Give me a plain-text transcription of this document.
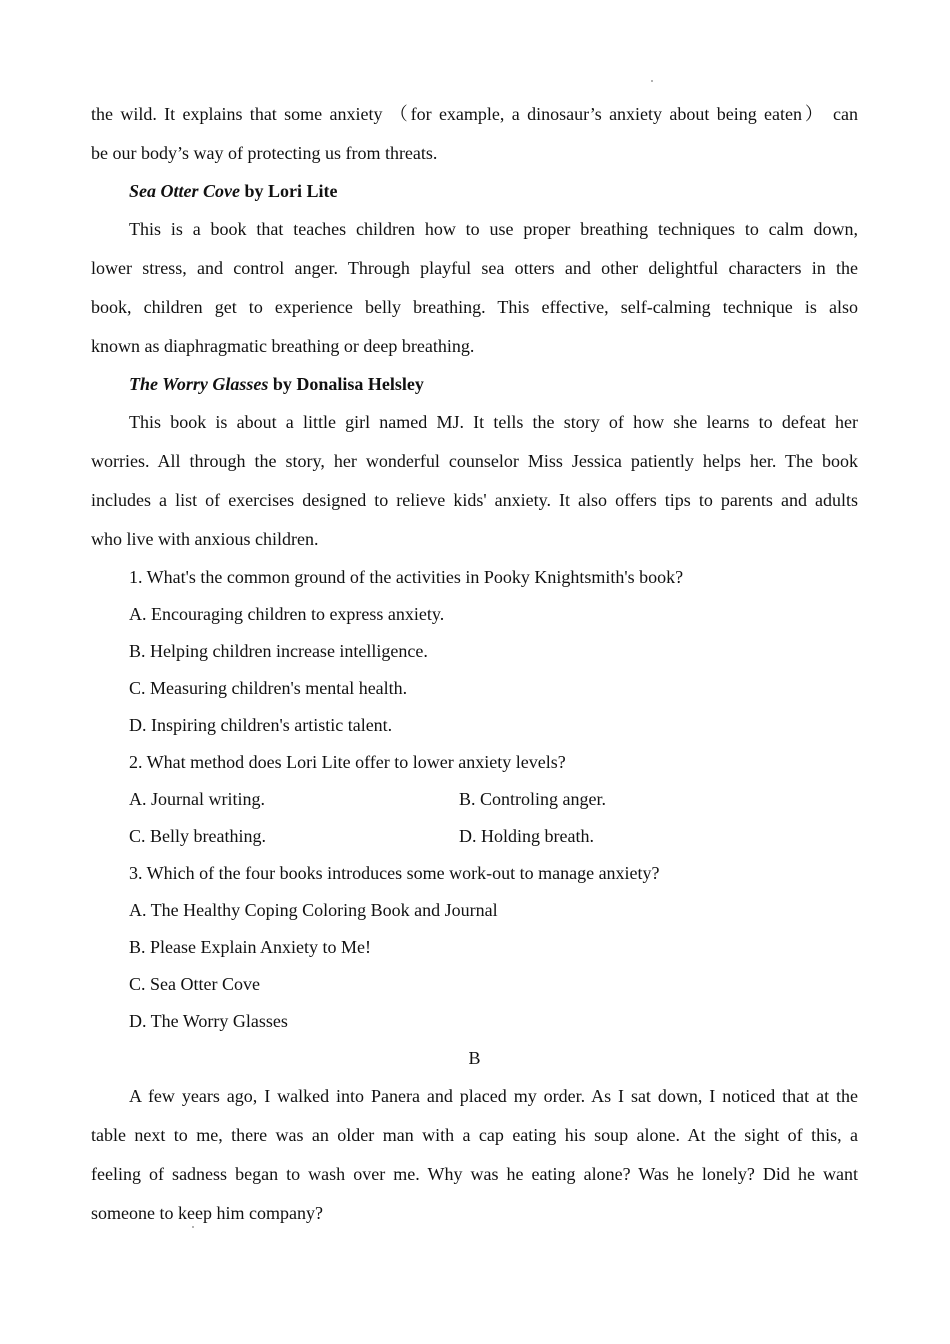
the wild. It explains that some anxiety （for example, a dinosaur’s anxiety about being eaten） can
be our body’s way of protecting us from threats.
Sea Otter Cove by Lori Lite
This is a book that teaches children how to use proper breathing techniques to calm down,
lower stress, and control anger. Through playful sea otters and other delightful characters in the
book, children get to experience belly breathing. This effective, self-calming technique is also
known as diaphragmatic breathing or deep breathing.
The Worry Glasses by Donalisa Helsley
This book is about a little girl named MJ. It tells the story of how she learns to defeat her
worries. All through the story, her wonderful counselor Miss Jessica patiently helps her. The book
includes a list of exercises designed to relieve kids' anxiety. It also offers tips to parents and adults
who live with anxious children.
1. What's the common ground of the activities in Pooky Knightsmith's book?
A. Encouraging children to express anxiety.
B. Helping children increase intelligence.
C. Measuring children's mental health.
D. Inspiring children's artistic talent.
2. What method does Lori Lite offer to lower anxiety levels?
A. Journal writing.	B. Controling anger.
C. Belly breathing.	D. Holding breath.
3. Which of the four books introduces some work-out to manage anxiety?
A. The Healthy Coping Coloring Book and Journal
B. Please Explain Anxiety to Me!
C. Sea Otter Cove
D. The Worry Glasses
B
A few years ago, I walked into Panera and placed my order. As I sat down, I noticed that at the
table next to me, there was an older man with a cap eating his soup alone. At the sight of this, a
feeling of sadness began to wash over me. Why was he eating alone? Was he lonely? Did he want
someone to keep him company?
